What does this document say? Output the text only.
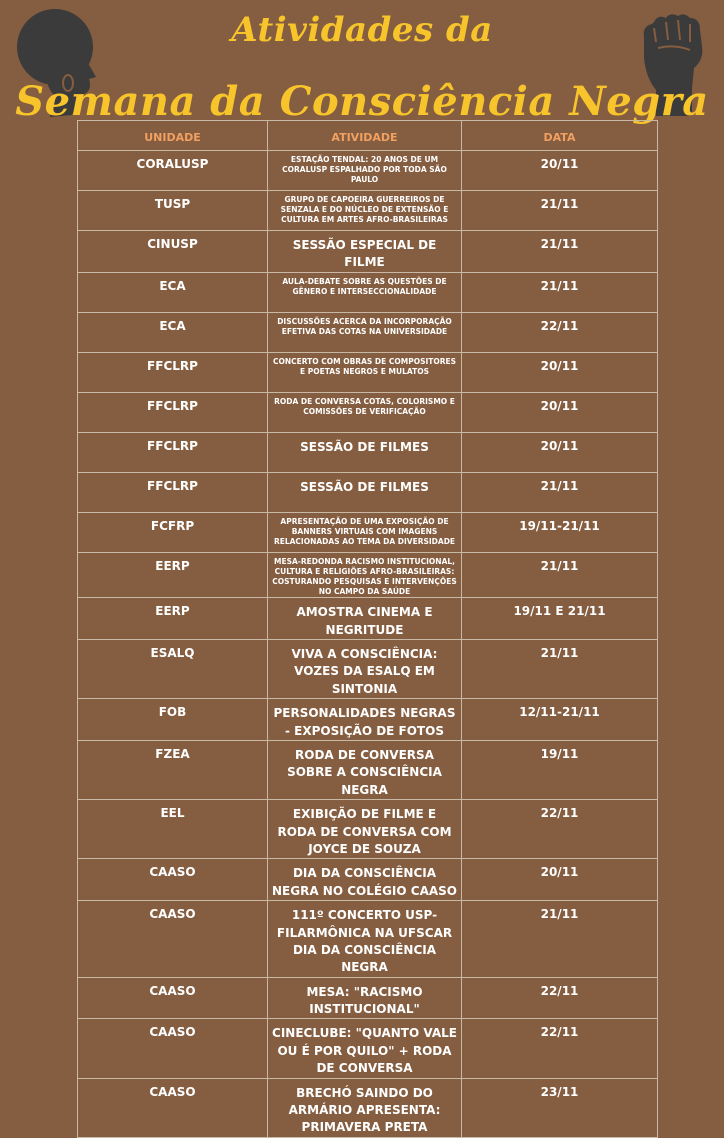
Atividades da
Semana da Consciência Negra
UNIDADE	ATIVIDADE	DATA
CORALUSP	ESTAÇÃO TENDAL: 20 ANOS DE UM CORALUSP ESPALHADO POR TODA SÃO PAULO	20/11
TUSP	GRUPO DE CAPOEIRA GUERREIROS DE SENZALA E DO NÚCLEO DE EXTENSÃO E CULTURA EM ARTES AFRO-BRASILEIRAS	21/11
CINUSP	SESSÃO ESPECIAL DE FILME	21/11
ECA	AULA-DEBATE SOBRE AS QUESTÕES DE GÊNERO E INTERSECCIONALIDADE	21/11
ECA	DISCUSSÕES ACERCA DA INCORPORAÇÃO EFETIVA DAS COTAS NA UNIVERSIDADE	22/11
FFCLRP	CONCERTO COM OBRAS DE COMPOSITORES E POETAS NEGROS E MULATOS	20/11
FFCLRP	RODA DE CONVERSA COTAS, COLORISMO E COMISSÕES DE VERIFICAÇÃO	20/11
FFCLRP	SESSÃO DE FILMES	20/11
FFCLRP	SESSÃO DE FILMES	21/11
FCFRP	APRESENTAÇÃO DE UMA EXPOSIÇÃO DE BANNERS VIRTUAIS COM IMAGENS RELACIONADAS AO TEMA DA DIVERSIDADE	19/11-21/11
EERP	MESA-REDONDA RACISMO INSTITUCIONAL, CULTURA E RELIGIÕES AFRO-BRASILEIRAS: COSTURANDO PESQUISAS E INTERVENÇÕES NO CAMPO DA SAÚDE	21/11
EERP	AMOSTRA CINEMA E NEGRITUDE	19/11 E 21/11
ESALQ	VIVA A CONSCIÊNCIA: VOZES DA ESALQ EM SINTONIA	21/11
FOB	PERSONALIDADES NEGRAS - EXPOSIÇÃO DE FOTOS	12/11-21/11
FZEA	RODA DE CONVERSA SOBRE A CONSCIÊNCIA NEGRA	19/11
EEL	EXIBIÇÃO DE FILME E RODA DE CONVERSA COM JOYCE DE SOUZA	22/11
CAASO	DIA DA CONSCIÊNCIA NEGRA NO COLÉGIO CAASO	20/11
CAASO	111º CONCERTO USP-FILARMÔNICA NA UFSCAR DIA DA CONSCIÊNCIA NEGRA	21/11
CAASO	MESA: "RACISMO INSTITUCIONAL"	22/11
CAASO	CINECLUBE: "QUANTO VALE OU É POR QUILO" + RODA DE CONVERSA	22/11
CAASO	BRECHÓ SAINDO DO ARMÁRIO APRESENTA: PRIMAVERA PRETA	23/11
